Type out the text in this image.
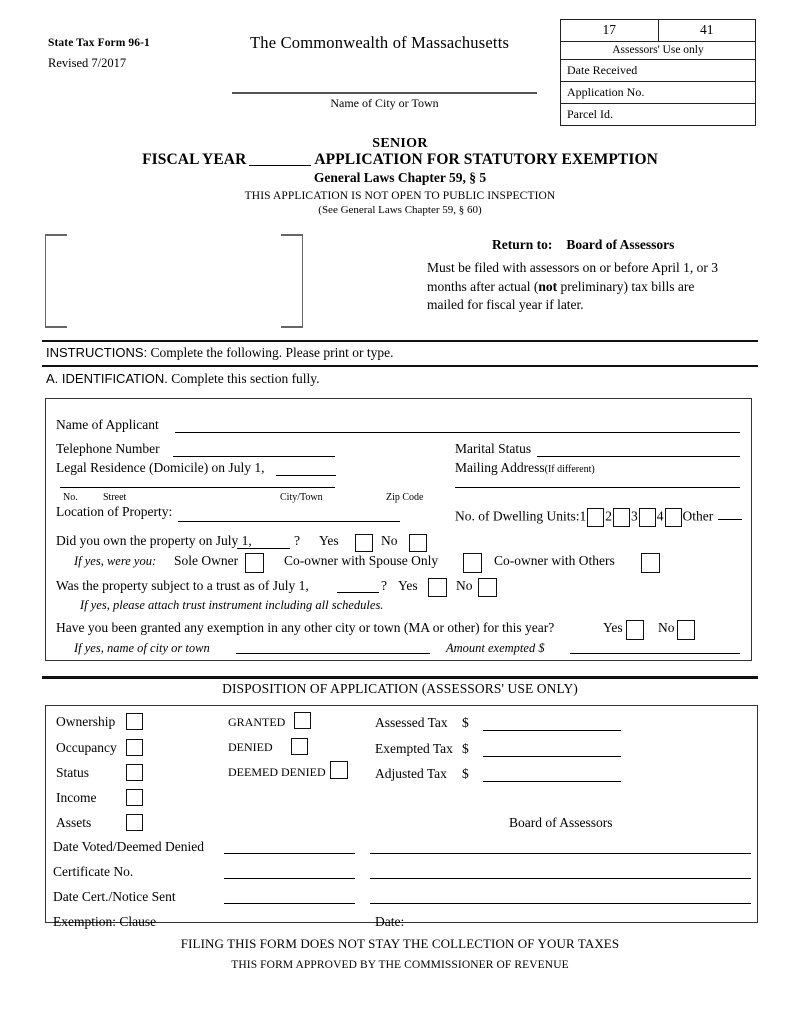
State Tax Form 96-1
Revised 7/2017
The Commonwealth of Massachusetts
Name of City or Town
17	41
Assessors' Use only
Date Received
Application No.
Parcel Id.
SENIOR
FISCAL YEAR	APPLICATION FOR STATUTORY EXEMPTION
General Laws Chapter 59, § 5
THIS APPLICATION IS NOT OPEN TO PUBLIC INSPECTION
(See General Laws Chapter 59, § 60)
Return to: Board of Assessors
Must be filed with assessors on or before April 1, or 3
months after actual (not preliminary) tax bills are
mailed for fiscal year if later.
INSTRUCTIONS: Complete the following. Please print or type.
A. IDENTIFICATION. Complete this section fully.
Name of Applicant
Telephone Number	Marital Status
Legal Residence (Domicile) on July 1,	Mailing Address(If different)
No.	Street	City/Town	Zip Code
Location of Property:	No. of Dwelling Units:1 2 3 4 Other
Did you own the property on July 1,	? Yes	No
If yes, were you: Sole Owner	Co-owner with Spouse Only	Co-owner with Others
Was the property subject to a trust as of July 1,	? Yes	No
If yes, please attach trust instrument including all schedules.
Have you been granted any exemption in any other city or town (MA or other) for this year?	Yes	No
If yes, name of city or town	Amount exempted $
DISPOSITION OF APPLICATION (ASSESSORS' USE ONLY)
Ownership
Occupancy
Status
Income
Assets
GRANTED
DENIED
DEEMED DENIED
Assessed Tax $
Exempted Tax $
Adjusted Tax $
Board of Assessors
Date Voted/Deemed Denied
Certificate No.
Date Cert./Notice Sent
Exemption: Clause	Date:
FILING THIS FORM DOES NOT STAY THE COLLECTION OF YOUR TAXES
THIS FORM APPROVED BY THE COMMISSIONER OF REVENUE
